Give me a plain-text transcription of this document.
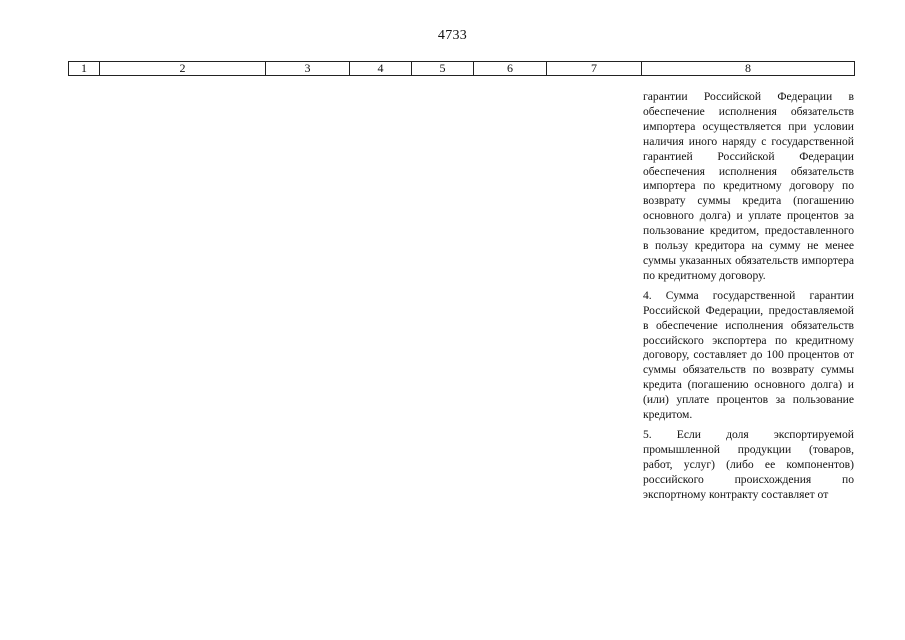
4733
1	2	3	4	5	6	7	8

гарантии Российской Федерации в обеспечение исполнения обязательств импортера осуществляется при условии наличия иного наряду с государственной гарантией Российской Федерации обеспечения исполнения обязательств импортера по кредитному договору по возврату суммы кредита (погашению основного долга) и уплате процентов за пользование кредитом, предоставленного в пользу кредитора на сумму не менее суммы указанных обязательств импортера по кредитному договору.

4. Сумма государственной гарантии Российской Федерации, предоставляемой в обеспечение исполнения обязательств российского экспортера по кредитному договору, составляет до 100 процентов от суммы обязательств по возврату суммы кредита (погашению основного долга) и (или) уплате процентов за пользование кредитом.

5. Если доля экспортируемой промышленной продукции (товаров, работ, услуг) (либо ее компонентов) российского происхождения по экспортному контракту составляет от
